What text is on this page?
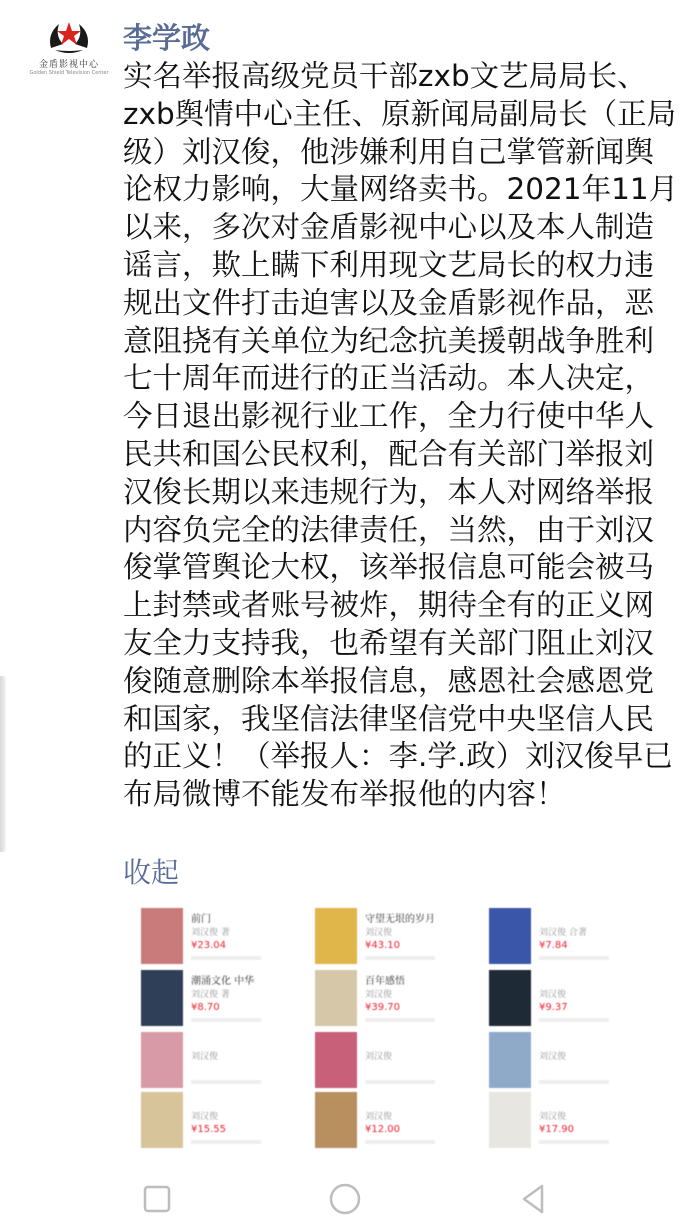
金盾影视中心
Golden Shield Television Center
李学政
实名举报高级党员干部zxb文艺局局长、
zxb舆情中心主任、原新闻局副局长（正局
级）刘汉俊，他涉嫌利用自己掌管新闻舆
论权力影响，大量网络卖书。2021年11月
以来，多次对金盾影视中心以及本人制造
谣言，欺上瞒下利用现文艺局长的权力违
规出文件打击迫害以及金盾影视作品，恶
意阻挠有关单位为纪念抗美援朝战争胜利
七十周年而进行的正当活动。本人决定，
今日退出影视行业工作，全力行使中华人
民共和国公民权利，配合有关部门举报刘
汉俊长期以来违规行为，本人对网络举报
内容负完全的法律责任，当然，由于刘汉
俊掌管舆论大权，该举报信息可能会被马
上封禁或者账号被炸，期待全有的正义网
友全力支持我，也希望有关部门阻止刘汉
俊随意删除本举报信息，感恩社会感恩党
和国家，我坚信法律坚信党中央坚信人民
的正义！（举报人：李.学.政）刘汉俊早已
布局微博不能发布举报他的内容！
收起
前门
刘汉俊 著
¥23.04
守望无垠的岁月
刘汉俊
¥43.10
刘汉俊 合著
¥7.84
潮涌文化 中华
刘汉俊 著
¥8.70
百年感悟
刘汉俊
¥39.70
刘汉俊
¥9.37
刘汉俊	刘汉俊	刘汉俊
刘汉俊
¥15.55
刘汉俊
¥12.00
刘汉俊
¥17.90
